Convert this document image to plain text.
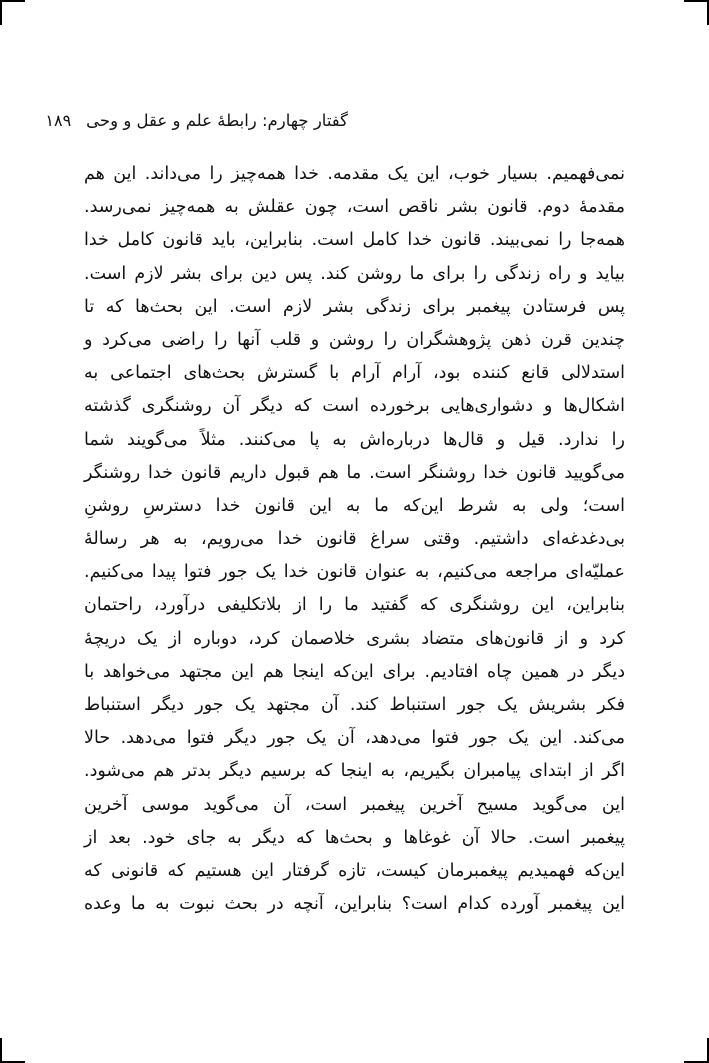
گفتار چهارم: رابطهٔ علم و عقل و وحی
۱۸۹
نمی‌فهمیم. بسیار خوب، این یک مقدمه. خدا همه‌چیز را می‌داند. این هم
مقدمهٔ دوم. قانون بشر ناقص است، چون عقلش به همه‌چیز نمی‌رسد.
همه‌جا را نمی‌بیند. قانون خدا کامل است. بنابراین، باید قانون کامل خدا
بیاید و راه زندگی را برای ما روشن کند. پس دین برای بشر لازم است.
پس فرستادن پیغمبر برای زندگی بشر لازم است. این بحث‌ها که تا
چندین قرن ذهن پژوهشگران را روشن و قلب آنها را راضی می‌کرد و
استدلالی قانع کننده بود، آرام آرام با گسترش بحث‌های اجتماعی به
اشکال‌ها و دشواری‌هایی برخورده است که دیگر آن روشنگری گذشته
را ندارد. قیل و قال‌ها درباره‌اش به پا می‌کنند. مثلاً می‌گویند شما
می‌گویید قانون خدا روشنگر است. ما هم قبول داریم قانون خدا روشنگر
است؛ ولی به شرط این‌که ما به این قانون خدا دسترسِ روشنِ
بی‌دغدغه‌ای داشتیم. وقتی سراغ قانون خدا می‌رویم، به هر رسالهٔ
عملیّه‌ای مراجعه می‌کنیم، به عنوان قانون خدا یک جور فتوا پیدا می‌کنیم.
بنابراین، این روشنگری که گفتید ما را از بلاتکلیفی درآورد، راحتمان
کرد و از قانون‌های متضاد بشری خلاصمان کرد، دوباره از یک دریچهٔ
دیگر در همین چاه افتادیم. برای این‌که اینجا هم این مجتهد می‌خواهد با
فکر بشریش یک جور استنباط کند. آن مجتهد یک جور دیگر استنباط
می‌کند. این یک جور فتوا می‌دهد، آن یک جور دیگر فتوا می‌دهد. حالا
اگر از ابتدای پیامبران بگیریم، به اینجا که برسیم دیگر بدتر هم می‌شود.
این می‌گوید مسیح آخرین پیغمبر است، آن می‌گوید موسی آخرین
پیغمبر است. حالا آن غوغاها و بحث‌ها که دیگر به جای خود. بعد از
این‌که فهمیدیم پیغمبرمان کیست، تازه گرفتار این هستیم که قانونی که
این پیغمبر آورده کدام است؟ بنابراین، آنچه در بحث نبوت به ما وعده
